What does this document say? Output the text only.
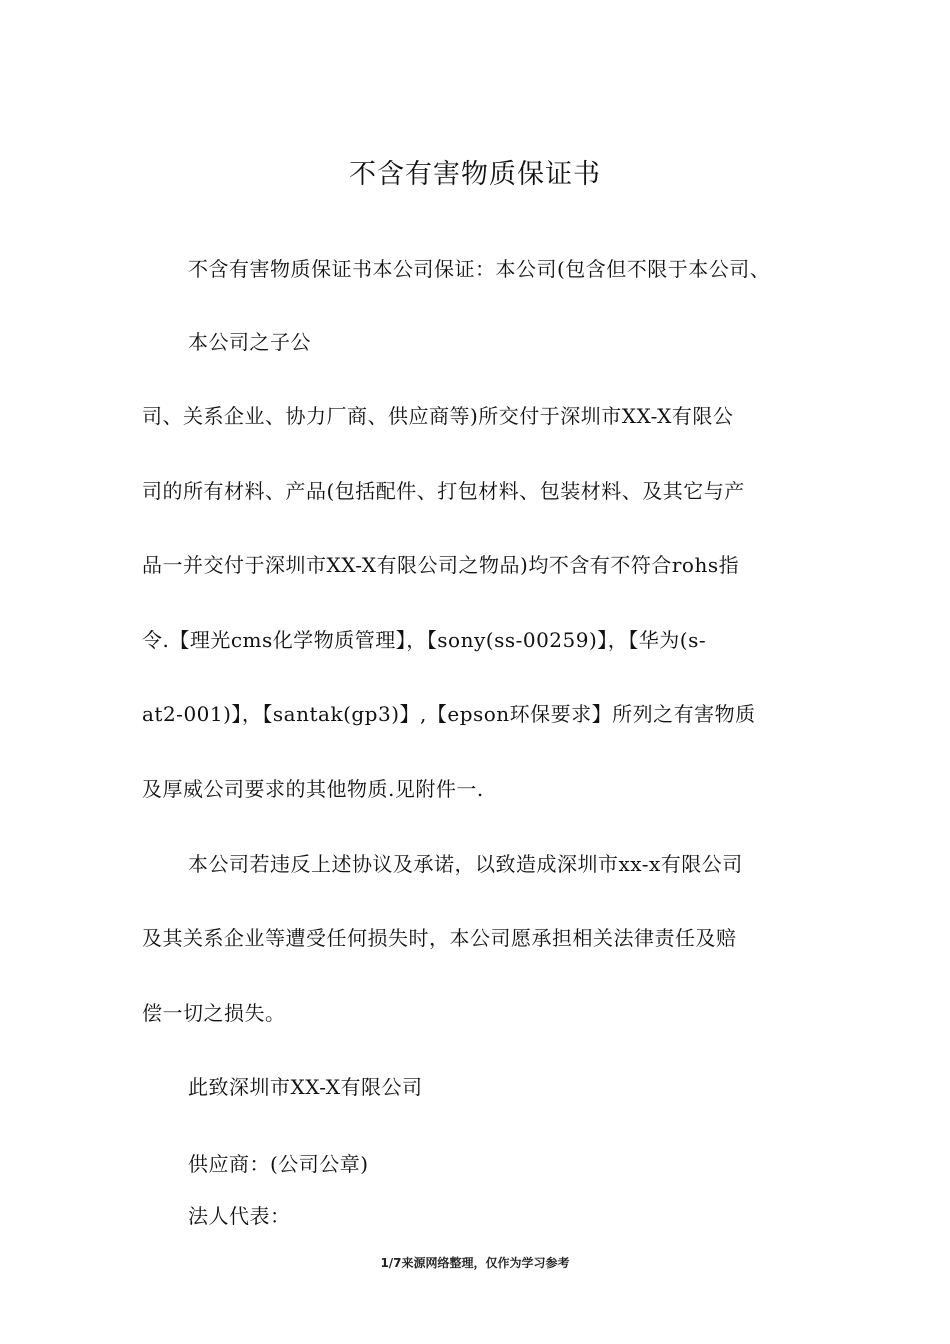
不含有害物质保证书
不含有害物质保证书本公司保证：本公司(包含但不限于本公司、
本公司之子公
司、关系企业、协力厂商、供应商等)所交付于深圳市XX-X有限公
司的所有材料、产品(包括配件、打包材料、包装材料、及其它与产
品一并交付于深圳市XX-X有限公司之物品)均不含有不符合rohs指
令.【理光cms化学物质管理】，【sony(ss-00259)】，【华为(s-
at2-001)】，【santak(gp3)】,【epson环保要求】所列之有害物质
及厚威公司要求的其他物质.见附件一.
本公司若违反上述协议及承诺，以致造成深圳市xx-x有限公司
及其关系企业等遭受任何损失时，本公司愿承担相关法律责任及赔
偿一切之损失。
此致深圳市XX-X有限公司
供应商：(公司公章)
法人代表：
1/7来源网络整理，仅作为学习参考
